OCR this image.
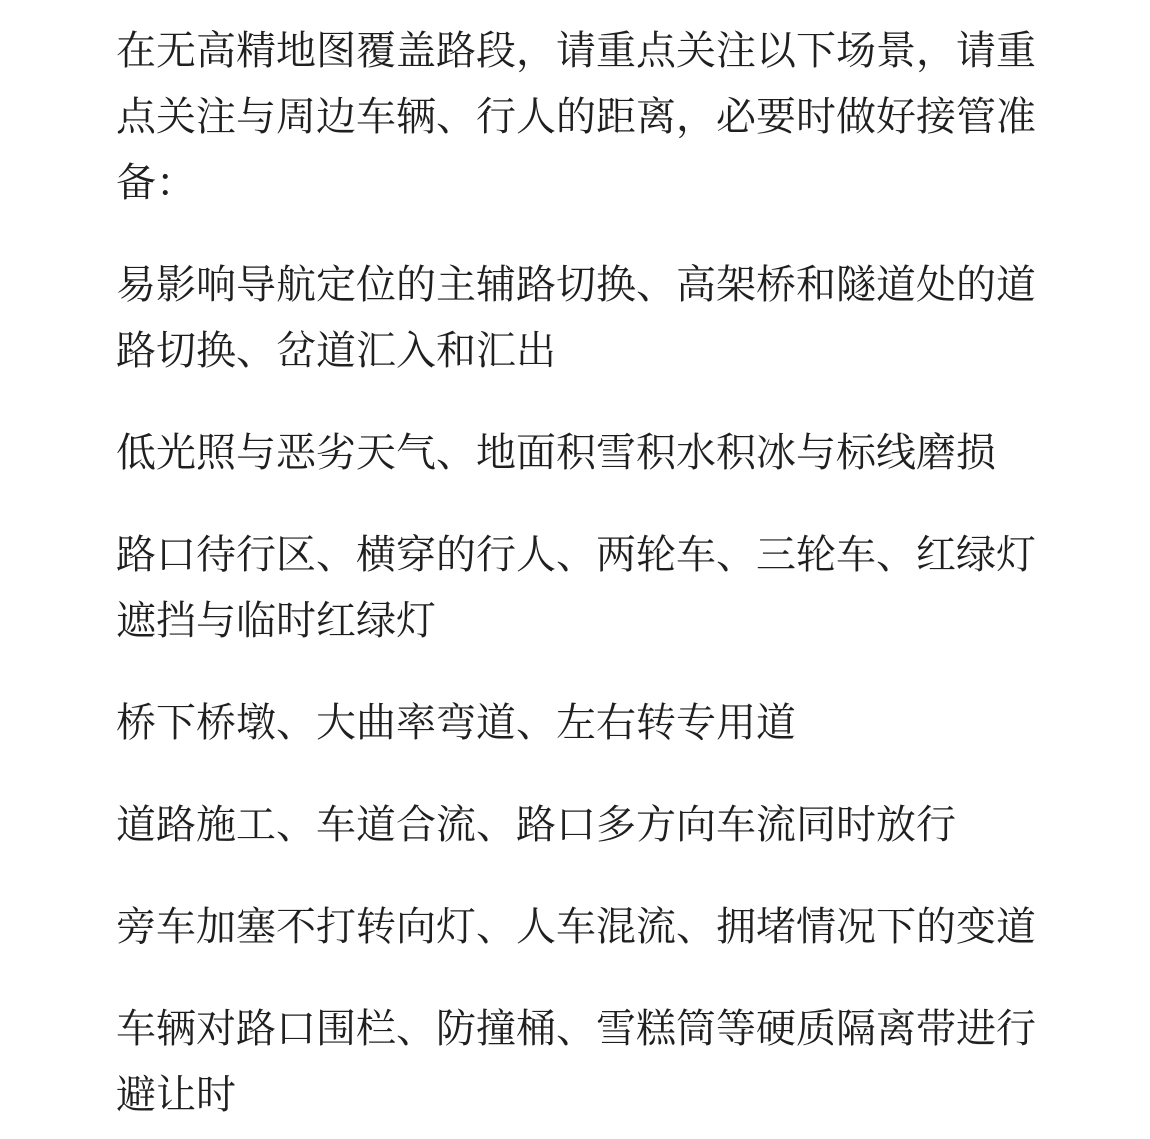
在无高精地图覆盖路段，请重点关注以下场景，请重点关注与周边车辆、行人的距离，必要时做好接管准备：

易影响导航定位的主辅路切换、高架桥和隧道处的道路切换、岔道汇入和汇出

低光照与恶劣天气、地面积雪积水积冰与标线磨损

路口待行区、横穿的行人、两轮车、三轮车、红绿灯遮挡与临时红绿灯

桥下桥墩、大曲率弯道、左右转专用道

道路施工、车道合流、路口多方向车流同时放行

旁车加塞不打转向灯、人车混流、拥堵情况下的变道

车辆对路口围栏、防撞桶、雪糕筒等硬质隔离带进行避让时
